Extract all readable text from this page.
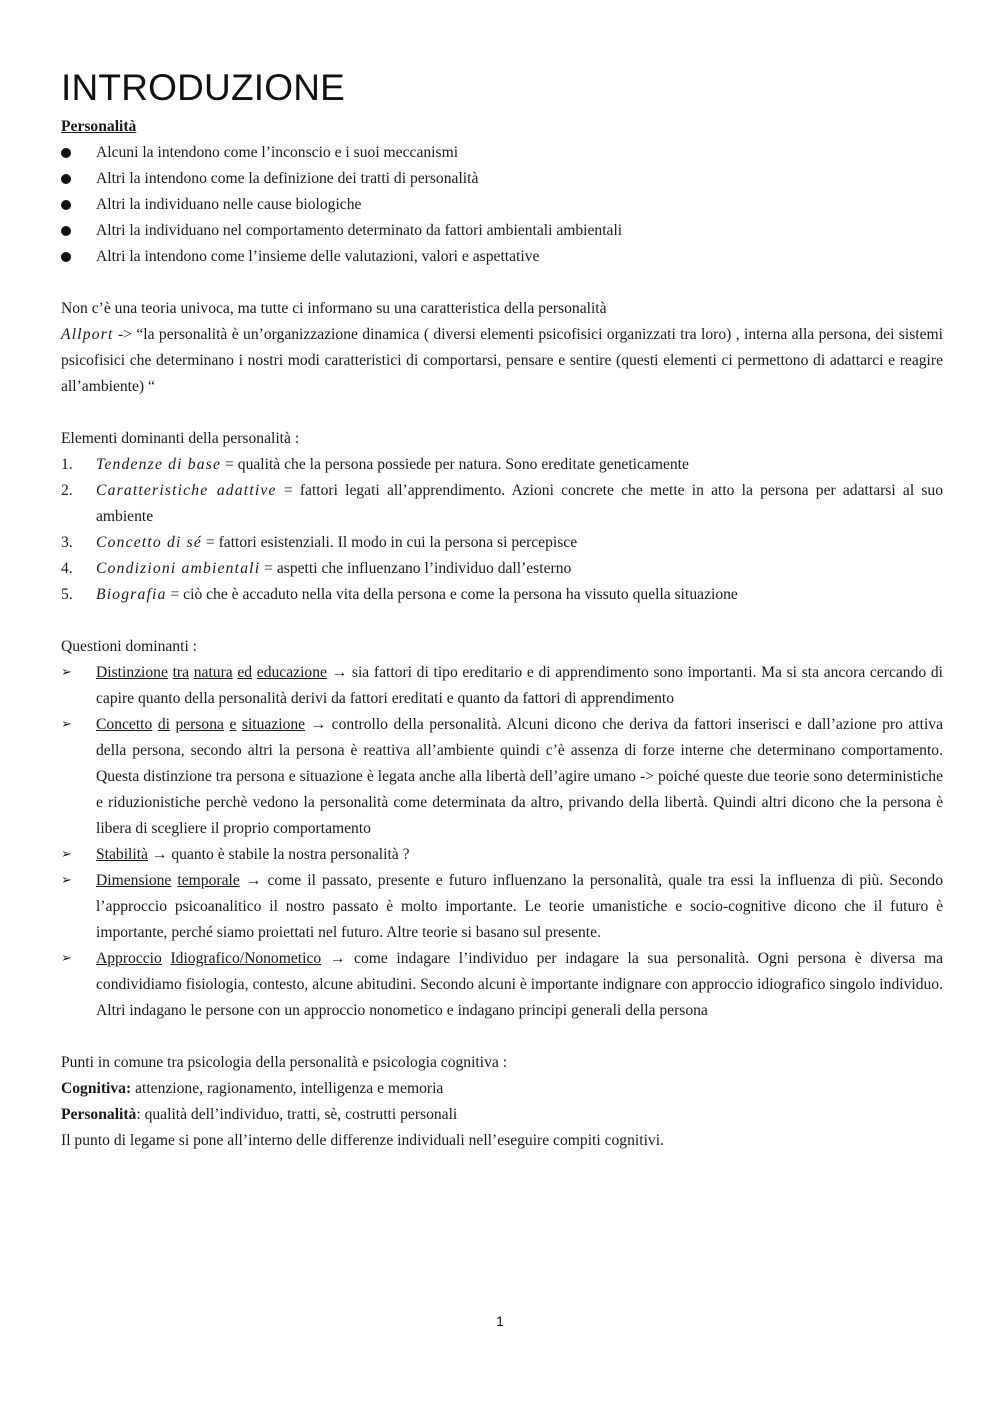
INTRODUZIONE
Personalità
Alcuni la intendono come l’inconscio e i suoi meccanismi
Altri la intendono come la definizione dei tratti di personalità
Altri la individuano nelle cause biologiche
Altri la individuano nel comportamento determinato da fattori ambientali ambientali
Altri la intendono come l’insieme delle valutazioni, valori e aspettative

Non c’è una teoria univoca, ma tutte ci informano su una caratteristica della personalità

Allport -> “la personalità è un’organizzazione dinamica ( diversi elementi psicofisici organizzati tra loro) , interna alla persona, dei sistemi psicofisici che determinano i nostri modi caratteristici di comportarsi, pensare e sentire (questi elementi ci permettono di adattarci e reagire all’ambiente) “

Elementi dominanti della personalità :

1. Tendenze di base = qualità che la persona possiede per natura. Sono ereditate geneticamente
2. Caratteristiche adattive = fattori legati all’apprendimento. Azioni concrete che mette in atto la persona per adattarsi al suo ambiente
3. Concetto di sé = fattori esistenziali. Il modo in cui la persona si percepisce
4. Condizioni ambientali = aspetti che influenzano l’individuo dall’esterno
5. Biografia = ciò che è accaduto nella vita della persona e come la persona ha vissuto quella situazione

Questioni dominanti :

➢ Distinzione tra natura ed educazione → sia fattori di tipo ereditario e di apprendimento sono importanti. Ma si sta ancora cercando di capire quanto della personalità derivi da fattori ereditati e quanto da fattori di apprendimento
➢ Concetto di persona e situazione → controllo della personalità. Alcuni dicono che deriva da fattori inserisci e dall’azione pro attiva della persona, secondo altri la persona è reattiva all’ambiente quindi c’è assenza di forze interne che determinano comportamento. Questa distinzione tra persona e situazione è legata anche alla libertà dell’agire umano -> poiché queste due teorie sono deterministiche e riduzionistiche perchè vedono la personalità come determinata da altro, privando della libertà. Quindi altri dicono che la persona è libera di scegliere il proprio comportamento
➢ Stabilità → quanto è stabile la nostra personalità ?
➢ Dimensione temporale → come il passato, presente e futuro influenzano la personalità, quale tra essi la influenza di più. Secondo l’approccio psicoanalitico il nostro passato è molto importante. Le teorie umanistiche e socio-cognitive dicono che il futuro è importante, perché siamo proiettati nel futuro. Altre teorie si basano sul presente.
➢ Approccio Idiografico/Nonometico → come indagare l’individuo per indagare la sua personalità. Ogni persona è diversa ma condividiamo fisiologia, contesto, alcune abitudini. Secondo alcuni è importante indignare con approccio idiografico singolo individuo. Altri indagano le persone con un approccio nonometico e indagano principi generali della persona

Punti in comune tra psicologia della personalità e psicologia cognitiva :

Cognitiva: attenzione, ragionamento, intelligenza e memoria

Personalità: qualità dell’individuo, tratti, sè, costrutti personali

Il punto di legame si pone all’interno delle differenze individuali nell’eseguire compiti cognitivi.

1
